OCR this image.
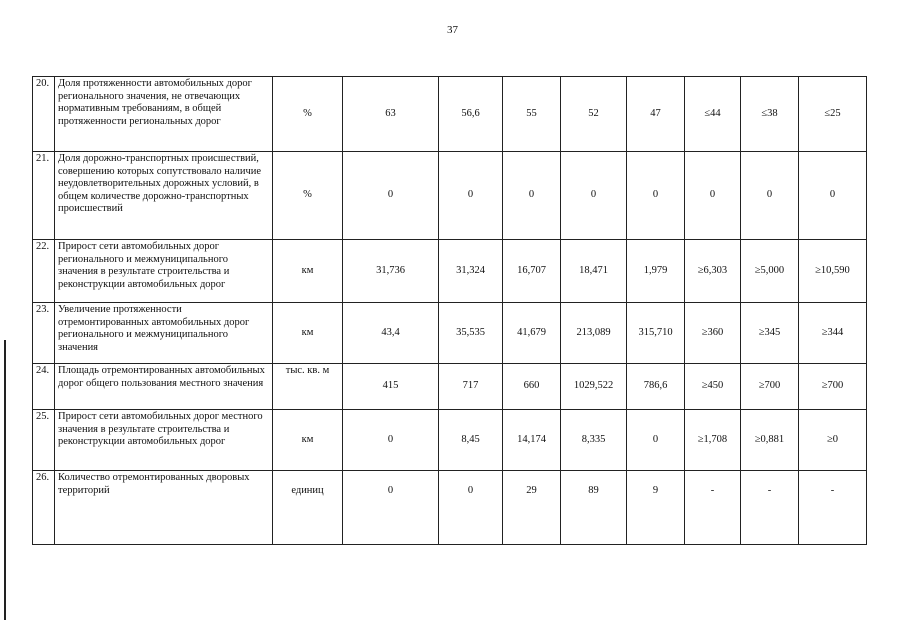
37
20.	Доля протяженности автомобильных дорог регионального значения, не отвечающих нормативным требованиям, в общей протяженности региональных дорог	%	63	56,6	55	52	47	≤44	≤38	≤25
21.	Доля дорожно-транспортных происшествий, совершению которых сопутствовало наличие неудовлетворительных дорожных условий, в общем количестве дорожно-транспортных происшествий	%	0	0	0	0	0	0	0	0
22.	Прирост сети автомобильных дорог регионального и межмуниципального значения в результате строительства и реконструкции автомобильных дорог	км	31,736	31,324	16,707	18,471	1,979	≥6,303	≥5,000	≥10,590
23.	Увеличение протяженности отремонтированных автомобильных дорог регионального и межмуниципального значения	км	43,4	35,535	41,679	213,089	315,710	≥360	≥345	≥344
24.	Площадь отремонтированных автомобильных дорог общего пользования местного значения	тыс. кв. м	415	717	660	1029,522	786,6	≥450	≥700	≥700
25.	Прирост сети автомобильных дорог местного значения в результате строительства и реконструкции автомобильных дорог	км	0	8,45	14,174	8,335	0	≥1,708	≥0,881	≥0
26.	Количество отремонтированных дворовых территорий	единиц	0	0	29	89	9	-	-	-
